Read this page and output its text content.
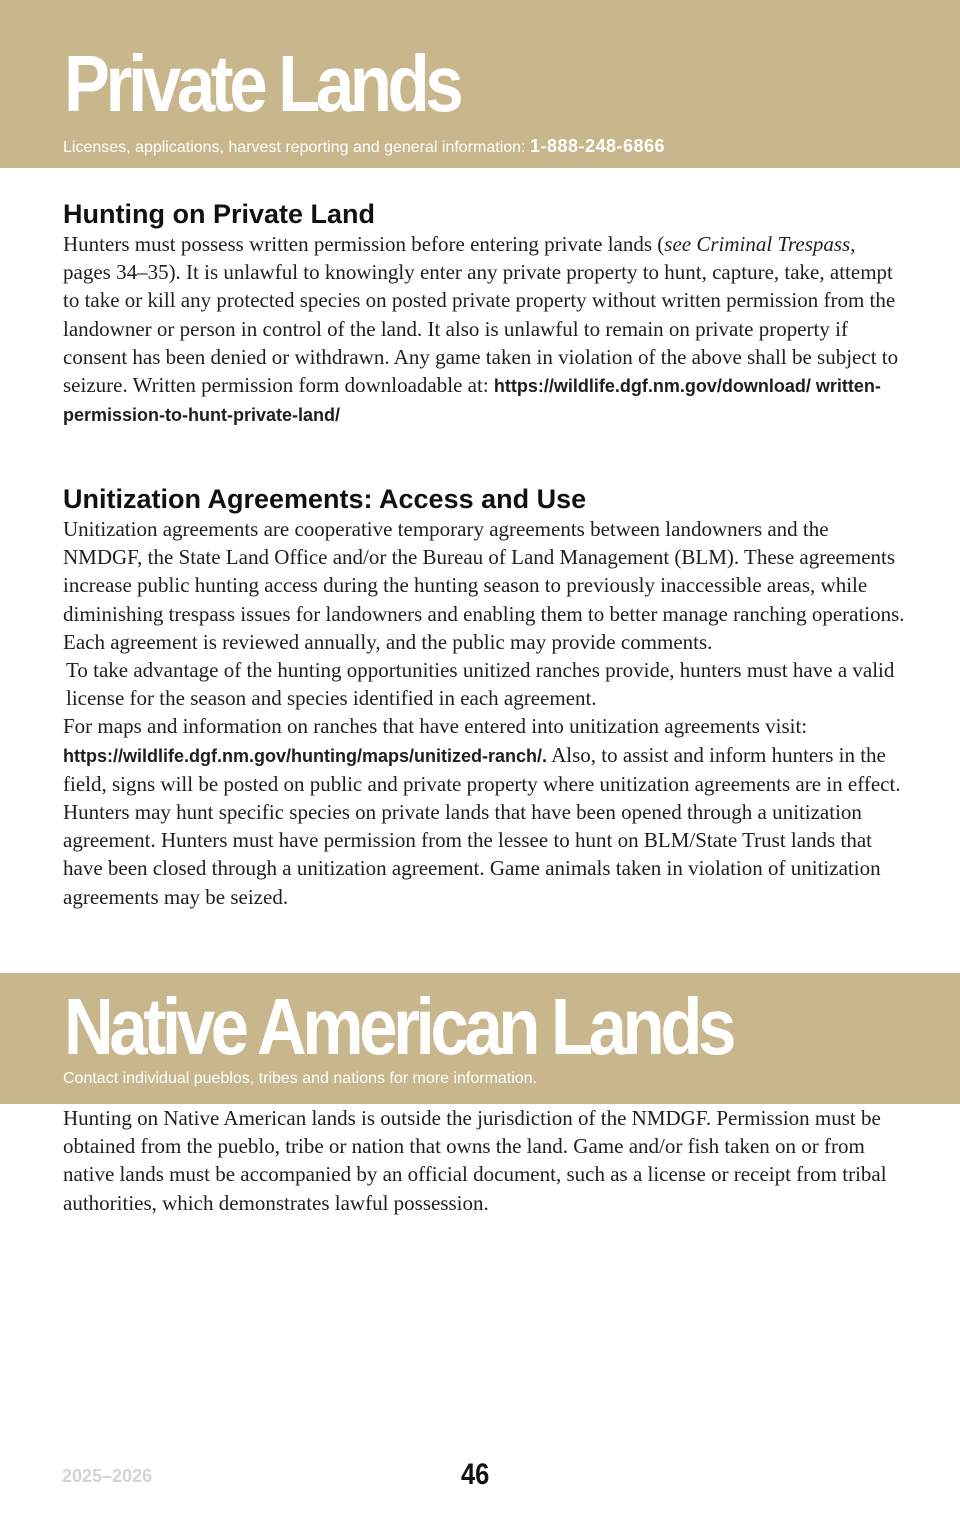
Private Lands
Licenses, applications, harvest reporting and general information: 1-888-248-6866
Hunting on Private Land

Hunters must possess written permission before entering private lands (see Criminal Trespass, pages 34–35). It is unlawful to knowingly enter any private property to hunt, capture, take, attempt to take or kill any protected species on posted private property without written permission from the landowner or person in control of the land. It also is unlawful to remain on private property if consent has been denied or withdrawn. Any game taken in violation of the above shall be subject to seizure. Written permission form downloadable at: https://wildlife.dgf.nm.gov/download/ written-permission-to-hunt-private-land/

Unitization Agreements: Access and Use

Unitization agreements are cooperative temporary agreements between landowners and the NMDGF, the State Land Office and/or the Bureau of Land Management (BLM). These agreements increase public hunting access during the hunting season to previously inaccessible areas, while diminishing trespass issues for landowners and enabling them to better manage ranching operations. Each agreement is reviewed annually, and the public may provide comments.

To take advantage of the hunting opportunities unitized ranches provide, hunters must have a valid license for the season and species identified in each agreement.

For maps and information on ranches that have entered into unitization agreements visit: https://wildlife.dgf.nm.gov/hunting/maps/unitized-ranch/. Also, to assist and inform hunters in the field, signs will be posted on public and private property where unitization agreements are in effect.

Hunters may hunt specific species on private lands that have been opened through a unitization agreement. Hunters must have permission from the lessee to hunt on BLM/State Trust lands that have been closed through a unitization agreement. Game animals taken in violation of unitization agreements may be seized.

Native American Lands
Contact individual pueblos, tribes and nations for more information.

Hunting on Native American lands is outside the jurisdiction of the NMDGF. Permission must be obtained from the pueblo, tribe or nation that owns the land. Game and/or fish taken on or from native lands must be accompanied by an official document, such as a license or receipt from tribal authorities, which demonstrates lawful possession.

2025–2026	46
